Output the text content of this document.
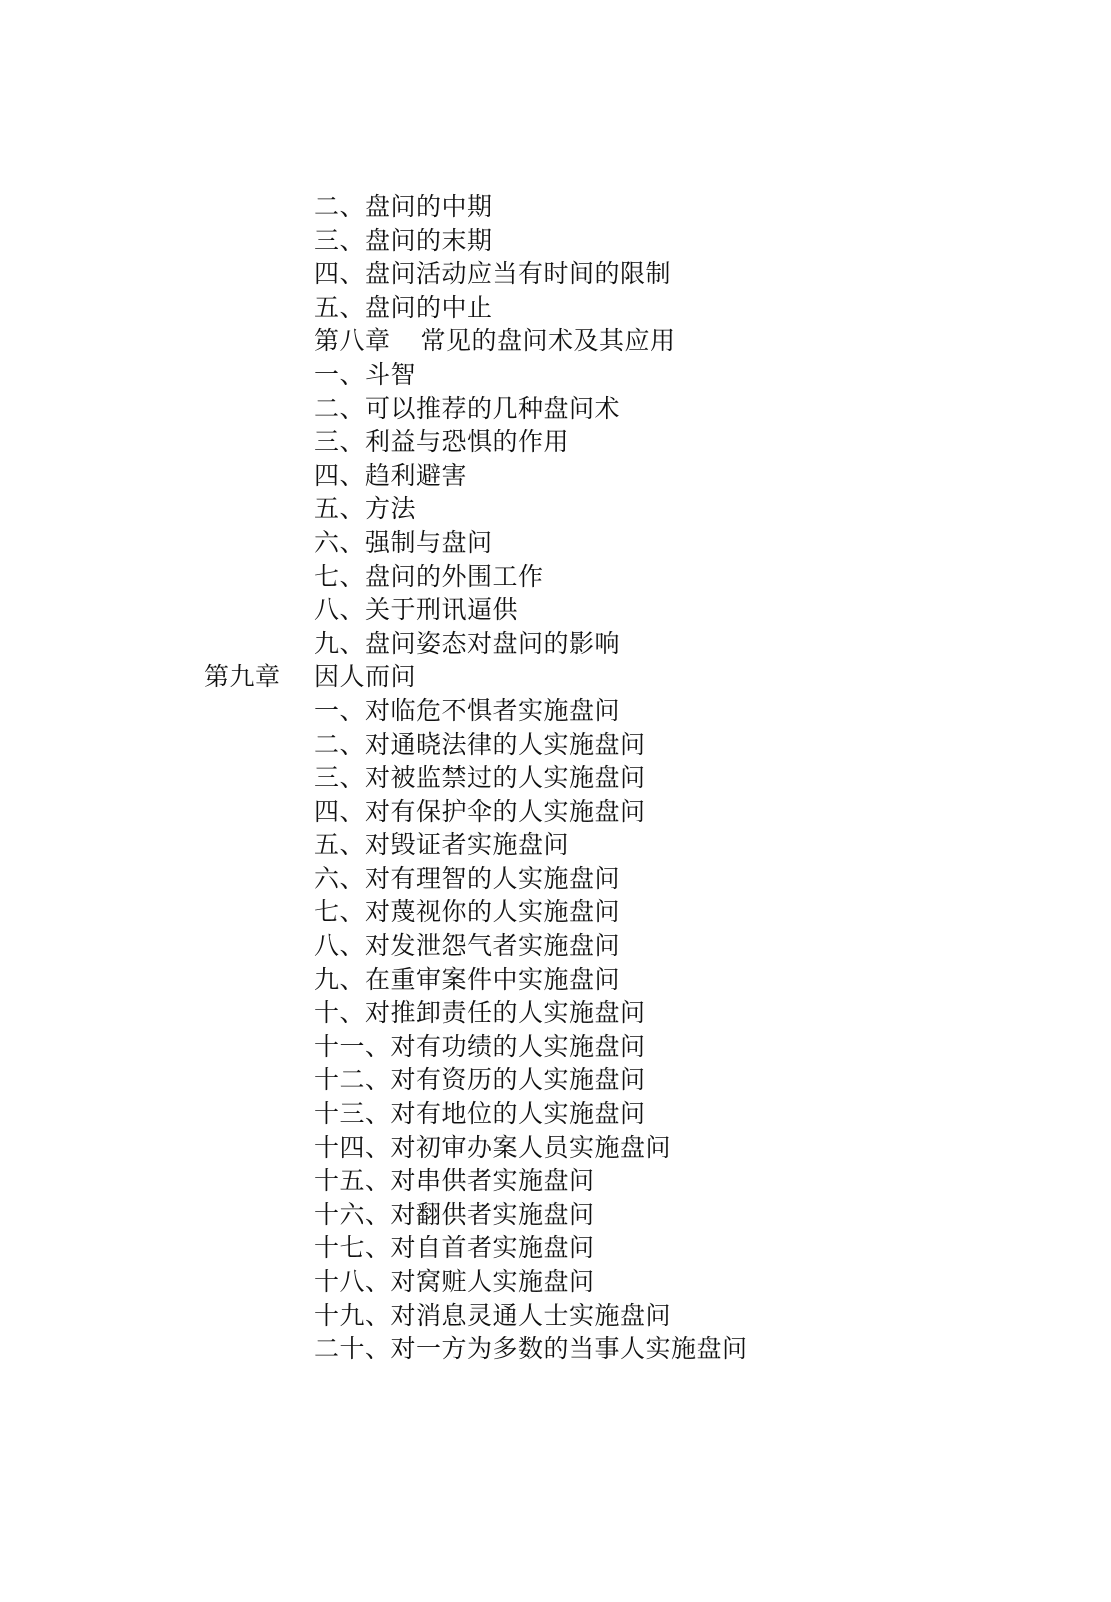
二、盘问的中期
三、盘问的末期
四、盘问活动应当有时间的限制
五、盘问的中止
第八章 常见的盘问术及其应用
一、斗智
二、可以推荐的几种盘问术
三、利益与恐惧的作用
四、趋利避害
五、方法
六、强制与盘问
七、盘问的外围工作
八、关于刑讯逼供
九、盘问姿态对盘问的影响
第九章 因人而问
一、对临危不惧者实施盘问
二、对通晓法律的人实施盘问
三、对被监禁过的人实施盘问
四、对有保护伞的人实施盘问
五、对毁证者实施盘问
六、对有理智的人实施盘问
七、对蔑视你的人实施盘问
八、对发泄怨气者实施盘问
九、在重审案件中实施盘问
十、对推卸责任的人实施盘问
十一、对有功绩的人实施盘问
十二、对有资历的人实施盘问
十三、对有地位的人实施盘问
十四、对初审办案人员实施盘问
十五、对串供者实施盘问
十六、对翻供者实施盘问
十七、对自首者实施盘问
十八、对窝赃人实施盘问
十九、对消息灵通人士实施盘问
二十、对一方为多数的当事人实施盘问
